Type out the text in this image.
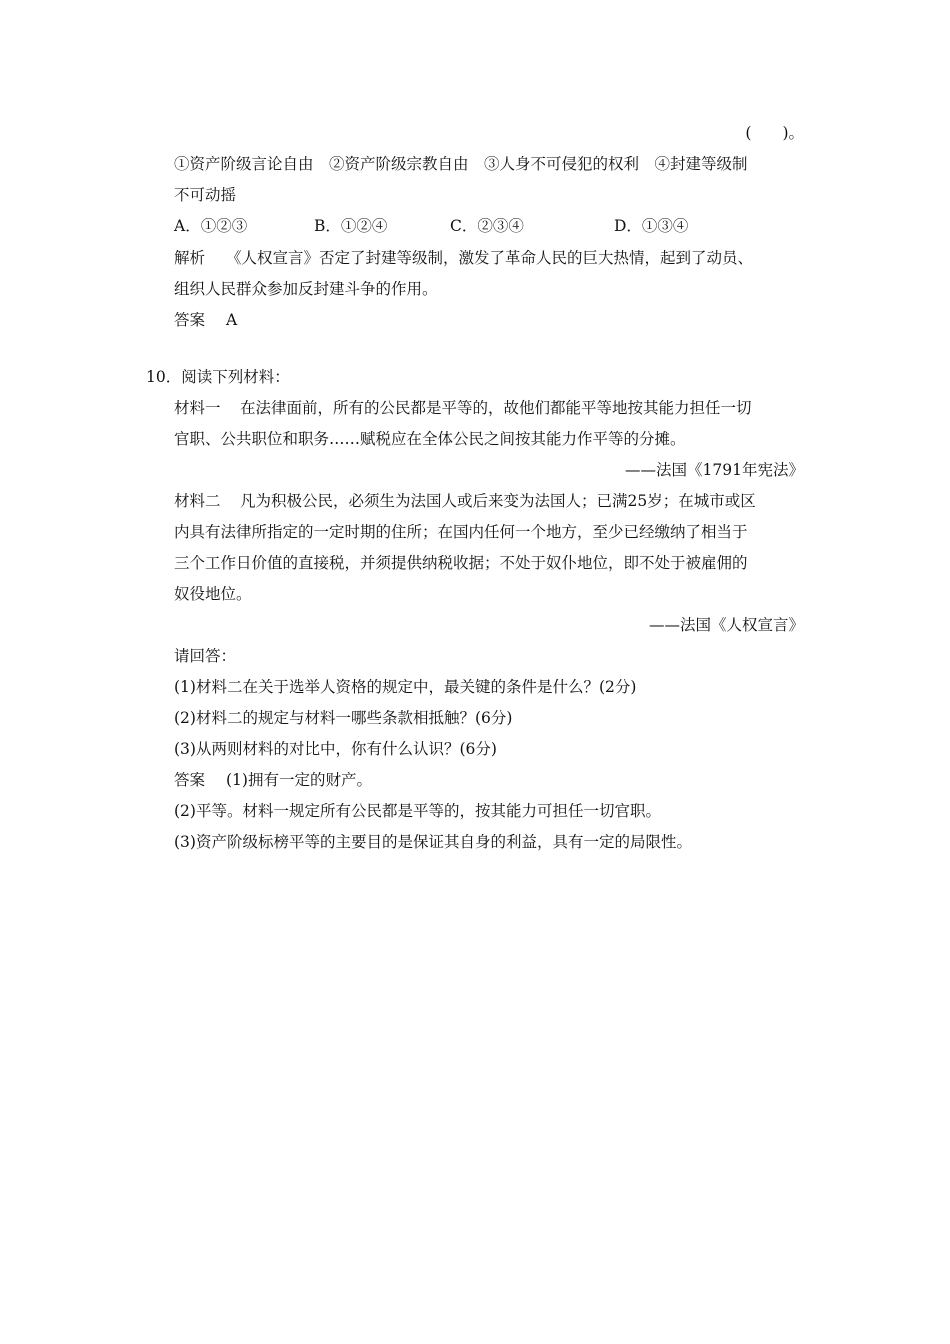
(　　)。
①资产阶级言论自由　②资产阶级宗教自由　③人身不可侵犯的权利　④封建等级制
不可动摇
A．①②③	B．①②④	C．②③④	D．①③④
解析 《人权宣言》否定了封建等级制，激发了革命人民的巨大热情，起到了动员、
组织人民群众参加反封建斗争的作用。
答案 A
10．阅读下列材料：
材料一 在法律面前，所有的公民都是平等的，故他们都能平等地按其能力担任一切
官职、公共职位和职务……赋税应在全体公民之间按其能力作平等的分摊。
——法国《1791年宪法》
材料二 凡为积极公民，必须生为法国人或后来变为法国人；已满25岁；在城市或区
内具有法律所指定的一定时期的住所；在国内任何一个地方，至少已经缴纳了相当于
三个工作日价值的直接税，并须提供纳税收据；不处于奴仆地位，即不处于被雇佣的
奴役地位。
——法国《人权宣言》
请回答：
(1)材料二在关于选举人资格的规定中，最关键的条件是什么？(2分)
(2)材料二的规定与材料一哪些条款相抵触？(6分)
(3)从两则材料的对比中，你有什么认识？(6分)
答案 (1)拥有一定的财产。
(2)平等。材料一规定所有公民都是平等的，按其能力可担任一切官职。
(3)资产阶级标榜平等的主要目的是保证其自身的利益，具有一定的局限性。
